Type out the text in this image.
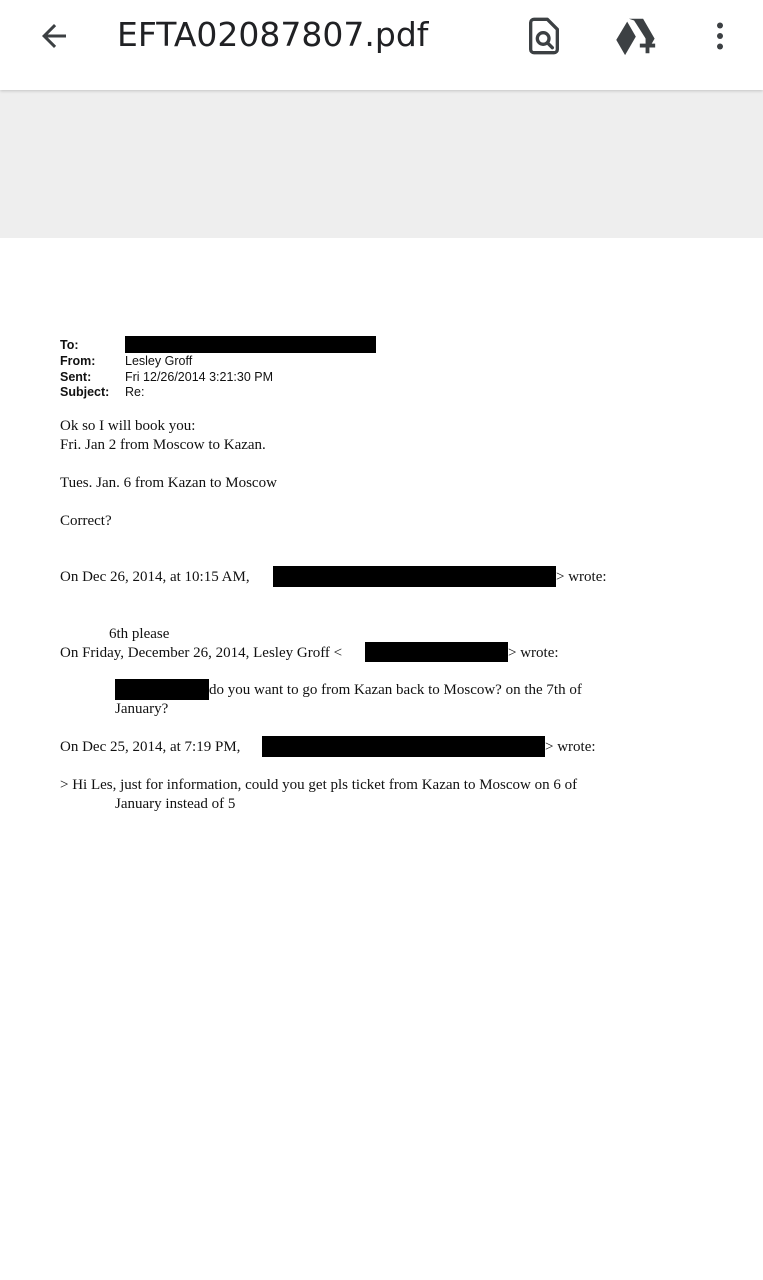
EFTA02087807.pdf
To:
From: Lesley Groff
Sent:	Fri 12/26/2014 3:21:30 PM
Subject: Re:
Ok so I will book you:
Fri. Jan 2 from Moscow to Kazan.
Tues. Jan. 6 from Kazan to Moscow
Correct?
On Dec 26, 2014, at 10:15 AM,	> wrote:
6th please
On Friday, December 26, 2014, Lesley Groff <	> wrote:
do you want to go from Kazan back to Moscow? on the 7th of
January?
On Dec 25, 2014, at 7:19 PM,	> wrote:
> Hi Les, just for information, could you get pls ticket from Kazan to Moscow on 6 of
January instead of 5
